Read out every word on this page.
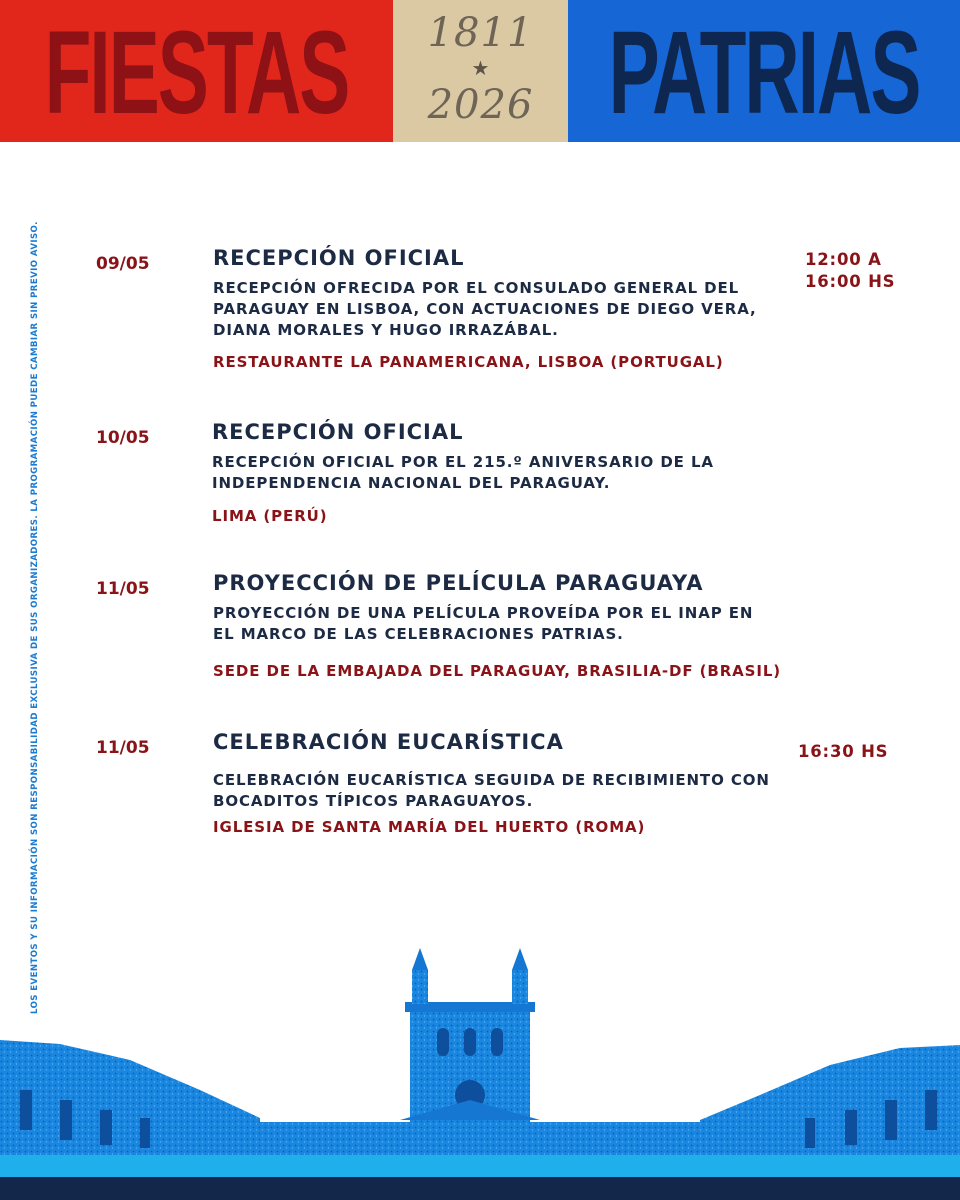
FIESTAS	1811
★
2026 PATRIAS
LOS EVENTOS Y SU INFORMACIÓN SON RESPONSABILIDAD EXCLUSIVA DE SUS ORGANIZADORES. LA PROGRAMACIÓN PUEDE CAMBIAR SIN PREVIO AVISO.	09/05	RECEPCIÓN OFICIAL
RECEPCIÓN OFRECIDA POR EL CONSULADO GENERAL DEL
PARAGUAY EN LISBOA, CON ACTUACIONES DE DIEGO VERA,
DIANA MORALES Y HUGO IRRAZÁBAL.
RESTAURANTE LA PANAMERICANA, LISBOA (PORTUGAL)
12:00 A
16:00 HS
10/05	RECEPCIÓN OFICIAL
RECEPCIÓN OFICIAL POR EL 215.º ANIVERSARIO DE LA
INDEPENDENCIA NACIONAL DEL PARAGUAY.
LIMA (PERÚ)
11/05	PROYECCIÓN DE PELÍCULA PARAGUAYA
PROYECCIÓN DE UNA PELÍCULA PROVEÍDA POR EL INAP EN
EL MARCO DE LAS CELEBRACIONES PATRIAS.
SEDE DE LA EMBAJADA DEL PARAGUAY, BRASILIA-DF (BRASIL)
11/05	CELEBRACIÓN EUCARÍSTICA
CELEBRACIÓN EUCARÍSTICA SEGUIDA DE RECIBIMIENTO CON
BOCADITOS TÍPICOS PARAGUAYOS.
IGLESIA DE SANTA MARÍA DEL HUERTO (ROMA)
16:30 HS
